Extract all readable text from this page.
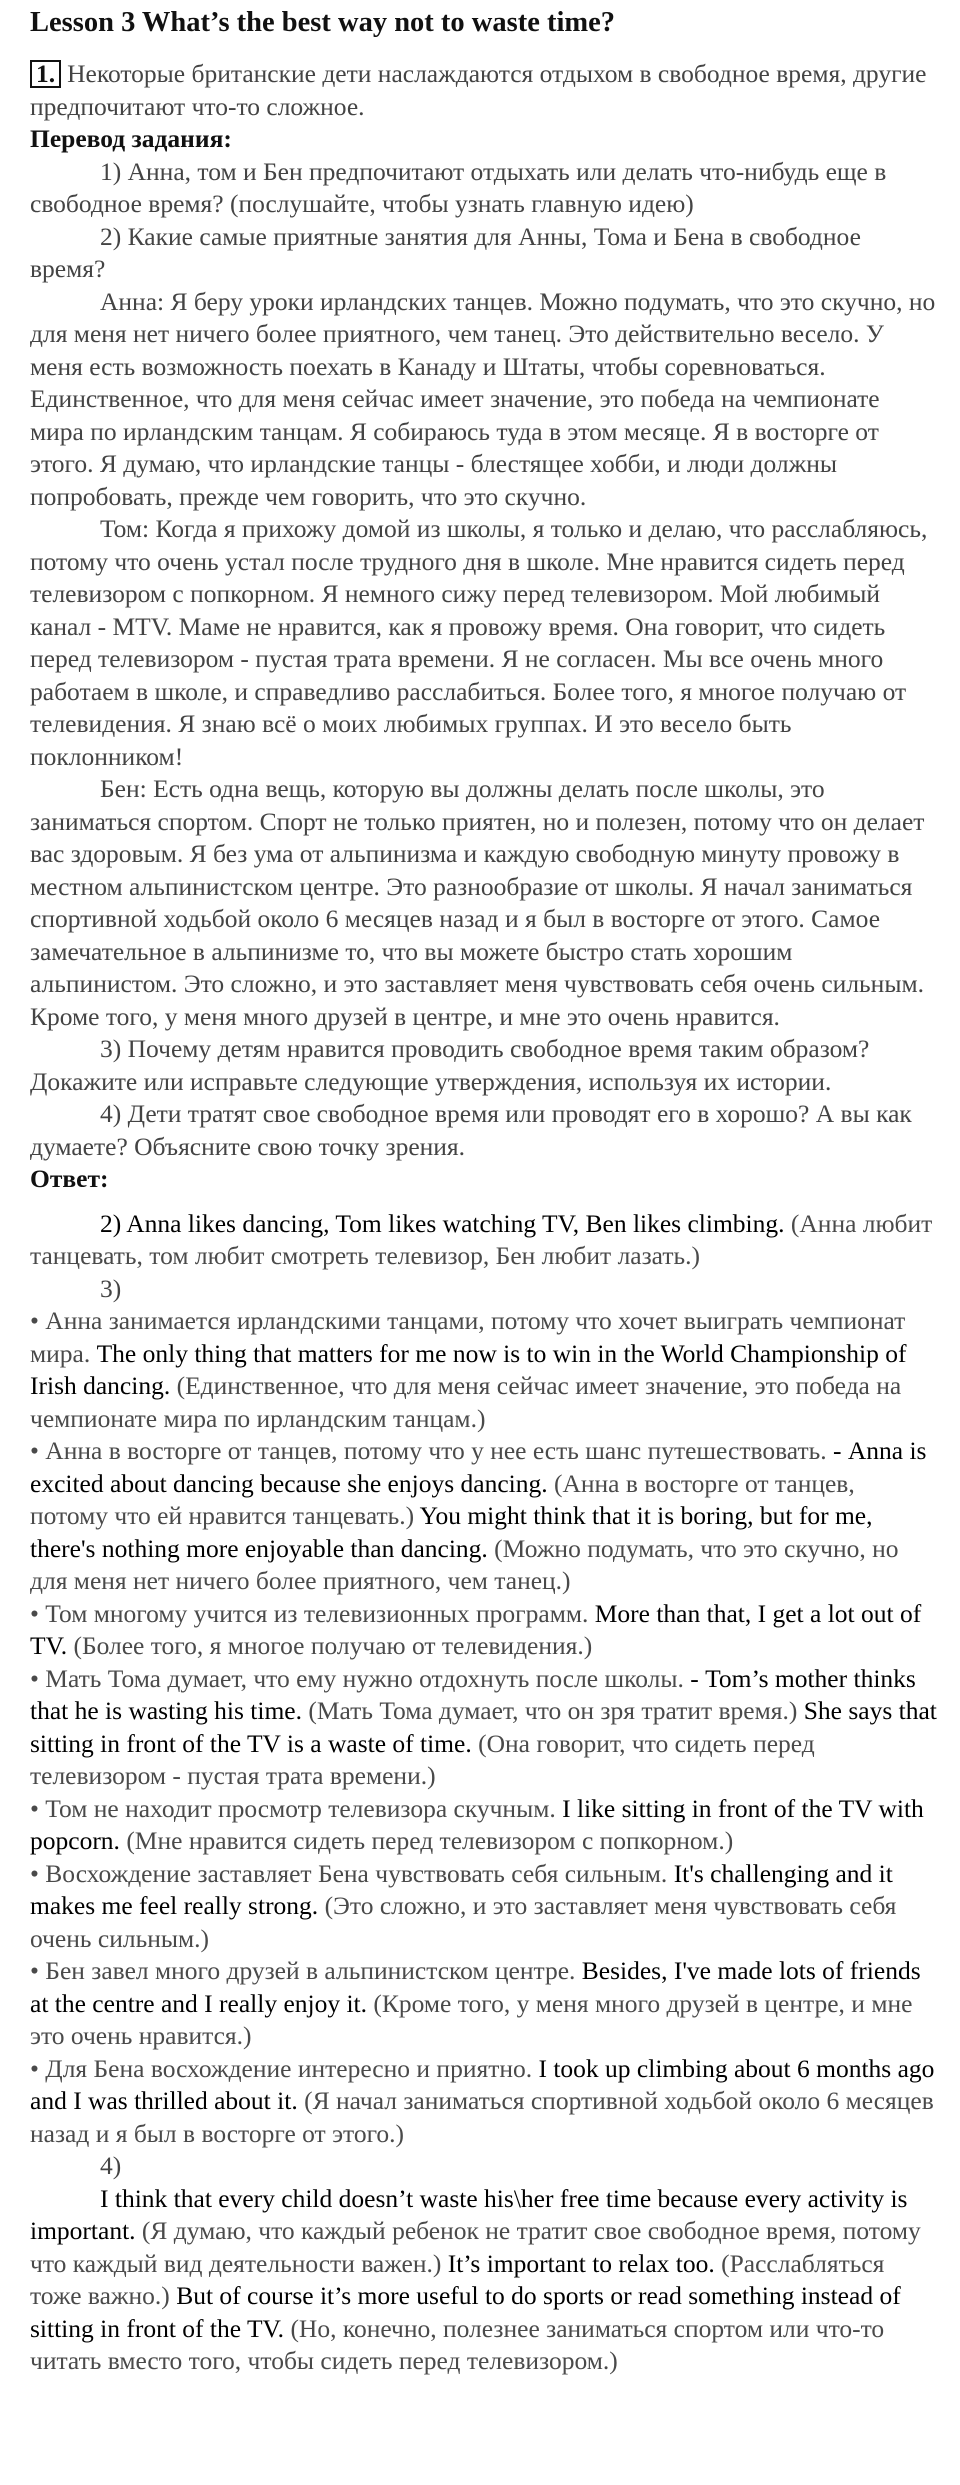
Lesson 3 What’s the best way not to waste time?

1. Некоторые британские дети наслаждаются отдыхом в свободное время, другие предпочитают что-то сложное.

Перевод задания:

1) Анна, том и Бен предпочитают отдыхать или делать что-нибудь еще в свободное время? (послушайте, чтобы узнать главную идею)

2) Какие самые приятные занятия для Анны, Тома и Бена в свободное время?

Анна: Я беру уроки ирландских танцев. Можно подумать, что это скучно, но для меня нет ничего более приятного, чем танец. Это действительно весело. У меня есть возможность поехать в Канаду и Штаты, чтобы соревноваться. Единственное, что для меня сейчас имеет значение, это победа на чемпионате мира по ирландским танцам. Я собираюсь туда в этом месяце. Я в восторге от этого. Я думаю, что ирландские танцы - блестящее хобби, и люди должны попробовать, прежде чем говорить, что это скучно.

Том: Когда я прихожу домой из школы, я только и делаю, что расслабляюсь, потому что очень устал после трудного дня в школе. Мне нравится сидеть перед телевизором с попкорном. Я немного сижу перед телевизором. Мой любимый канал - MTV. Маме не нравится, как я провожу время. Она говорит, что сидеть перед телевизором - пустая трата времени. Я не согласен. Мы все очень много работаем в школе, и справедливо расслабиться. Более того, я многое получаю от телевидения. Я знаю всё о моих любимых группах. И это весело быть поклонником!

Бен: Есть одна вещь, которую вы должны делать после школы, это заниматься спортом. Спорт не только приятен, но и полезен, потому что он делает вас здоровым. Я без ума от альпинизма и каждую свободную минуту провожу в местном альпинистском центре. Это разнообразие от школы. Я начал заниматься спортивной ходьбой около 6 месяцев назад и я был в восторге от этого. Самое замечательное в альпинизме то, что вы можете быстро стать хорошим альпинистом. Это сложно, и это заставляет меня чувствовать себя очень сильным. Кроме того, у меня много друзей в центре, и мне это очень нравится.

3) Почему детям нравится проводить свободное время таким образом? Докажите или исправьте следующие утверждения, используя их истории.

4) Дети тратят свое свободное время или проводят его в хорошо? А вы как думаете? Объясните свою точку зрения.

Ответ:

2) Anna likes dancing, Tom likes watching TV, Ben likes climbing. (Анна любит танцевать, том любит смотреть телевизор, Бен любит лазать.)

3)

• Анна занимается ирландскими танцами, потому что хочет выиграть чемпионат мира. The only thing that matters for me now is to win in the World Championship of Irish dancing. (Единственное, что для меня сейчас имеет значение, это победа на чемпионате мира по ирландским танцам.)

• Анна в восторге от танцев, потому что у нее есть шанс путешествовать. - Anna is excited about dancing because she enjoys dancing. (Анна в восторге от танцев, потому что ей нравится танцевать.) You might think that it is boring, but for me, there's nothing more enjoyable than dancing. (Можно подумать, что это скучно, но для меня нет ничего более приятного, чем танец.)

• Том многому учится из телевизионных программ. More than that, I get a lot out of TV. (Более того, я многое получаю от телевидения.)

• Мать Тома думает, что ему нужно отдохнуть после школы. - Tom’s mother thinks that he is wasting his time. (Мать Тома думает, что он зря тратит время.) She says that sitting in front of the TV is a waste of time. (Она говорит, что сидеть перед телевизором - пустая трата времени.)

• Том не находит просмотр телевизора скучным. I like sitting in front of the TV with popcorn. (Мне нравится сидеть перед телевизором с попкорном.)

• Восхождение заставляет Бена чувствовать себя сильным. It's challenging and it makes me feel really strong. (Это сложно, и это заставляет меня чувствовать себя очень сильным.)

• Бен завел много друзей в альпинистском центре. Besides, I've made lots of friends at the centre and I really enjoy it. (Кроме того, у меня много друзей в центре, и мне это очень нравится.)

• Для Бена восхождение интересно и приятно. I took up climbing about 6 months ago and I was thrilled about it. (Я начал заниматься спортивной ходьбой около 6 месяцев назад и я был в восторге от этого.)

4)

I think that every child doesn’t waste his\her free time because every activity is important. (Я думаю, что каждый ребенок не тратит свое свободное время, потому что каждый вид деятельности важен.) It’s important to relax too. (Расслабляться тоже важно.) But of course it’s more useful to do sports or read something instead of sitting in front of the TV. (Но, конечно, полезнее заниматься спортом или что-то читать вместо того, чтобы сидеть перед телевизором.)
